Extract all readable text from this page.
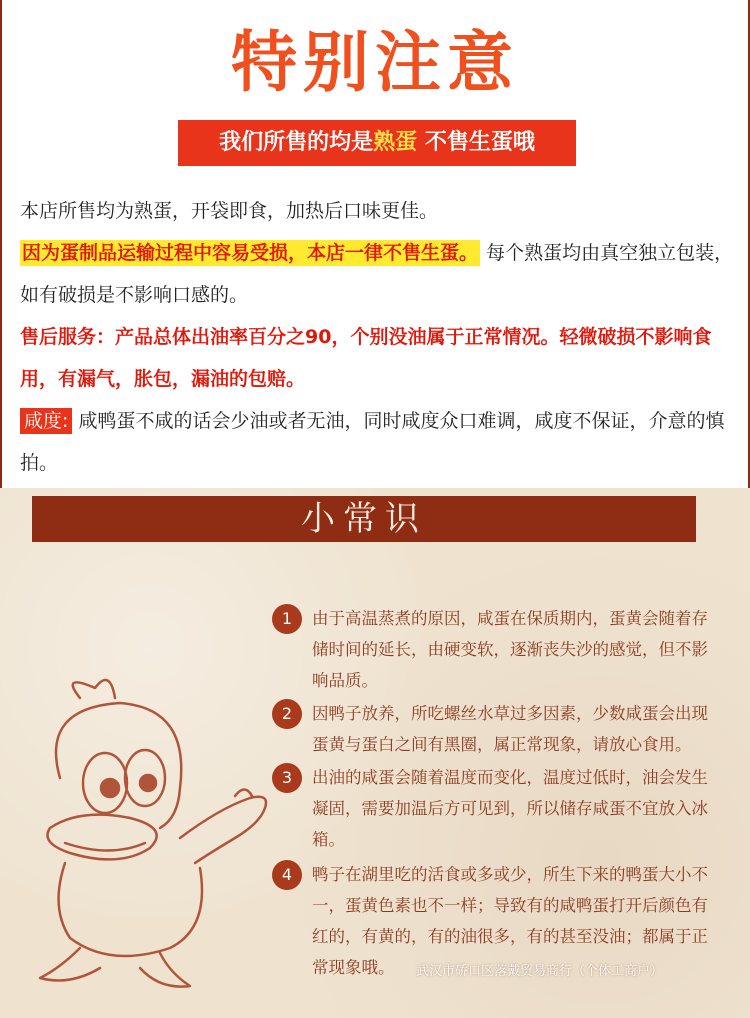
特别注意
我们所售的均是熟蛋 不售生蛋哦
本店所售均为熟蛋，开袋即食，加热后口味更佳。
因为蛋制品运输过程中容易受损，本店一律不售生蛋。 每个熟蛋均由真空独立包装，如有破损是不影响口感的。
售后服务：产品总体出油率百分之90，个别没油属于正常情况。轻微破损不影响食用，有漏气，胀包，漏油的包赔。
咸度: 咸鸭蛋不咸的话会少油或者无油，同时咸度众口难调，咸度不保证，介意的慎拍。
小常识
1	由于高温蒸煮的原因，咸蛋在保质期内，蛋黄会随着存储时间的延长，由硬变软，逐渐丧失沙的感觉，但不影响品质。
2	因鸭子放养，所吃螺丝水草过多因素，少数咸蛋会出现蛋黄与蛋白之间有黑圈，属正常现象，请放心食用。
3	出油的咸蛋会随着温度而变化，温度过低时，油会发生凝固，需要加温后方可见到，所以储存咸蛋不宜放入冰箱。
4	鸭子在湖里吃的活食或多或少，所生下来的鸭蛋大小不一，蛋黄色素也不一样；导致有的咸鸭蛋打开后颜色有红的，有黄的，有的油很多，有的甚至没油；都属于正常现象哦。	武汉市硚口区落戴贸易商行（个体工商户）
